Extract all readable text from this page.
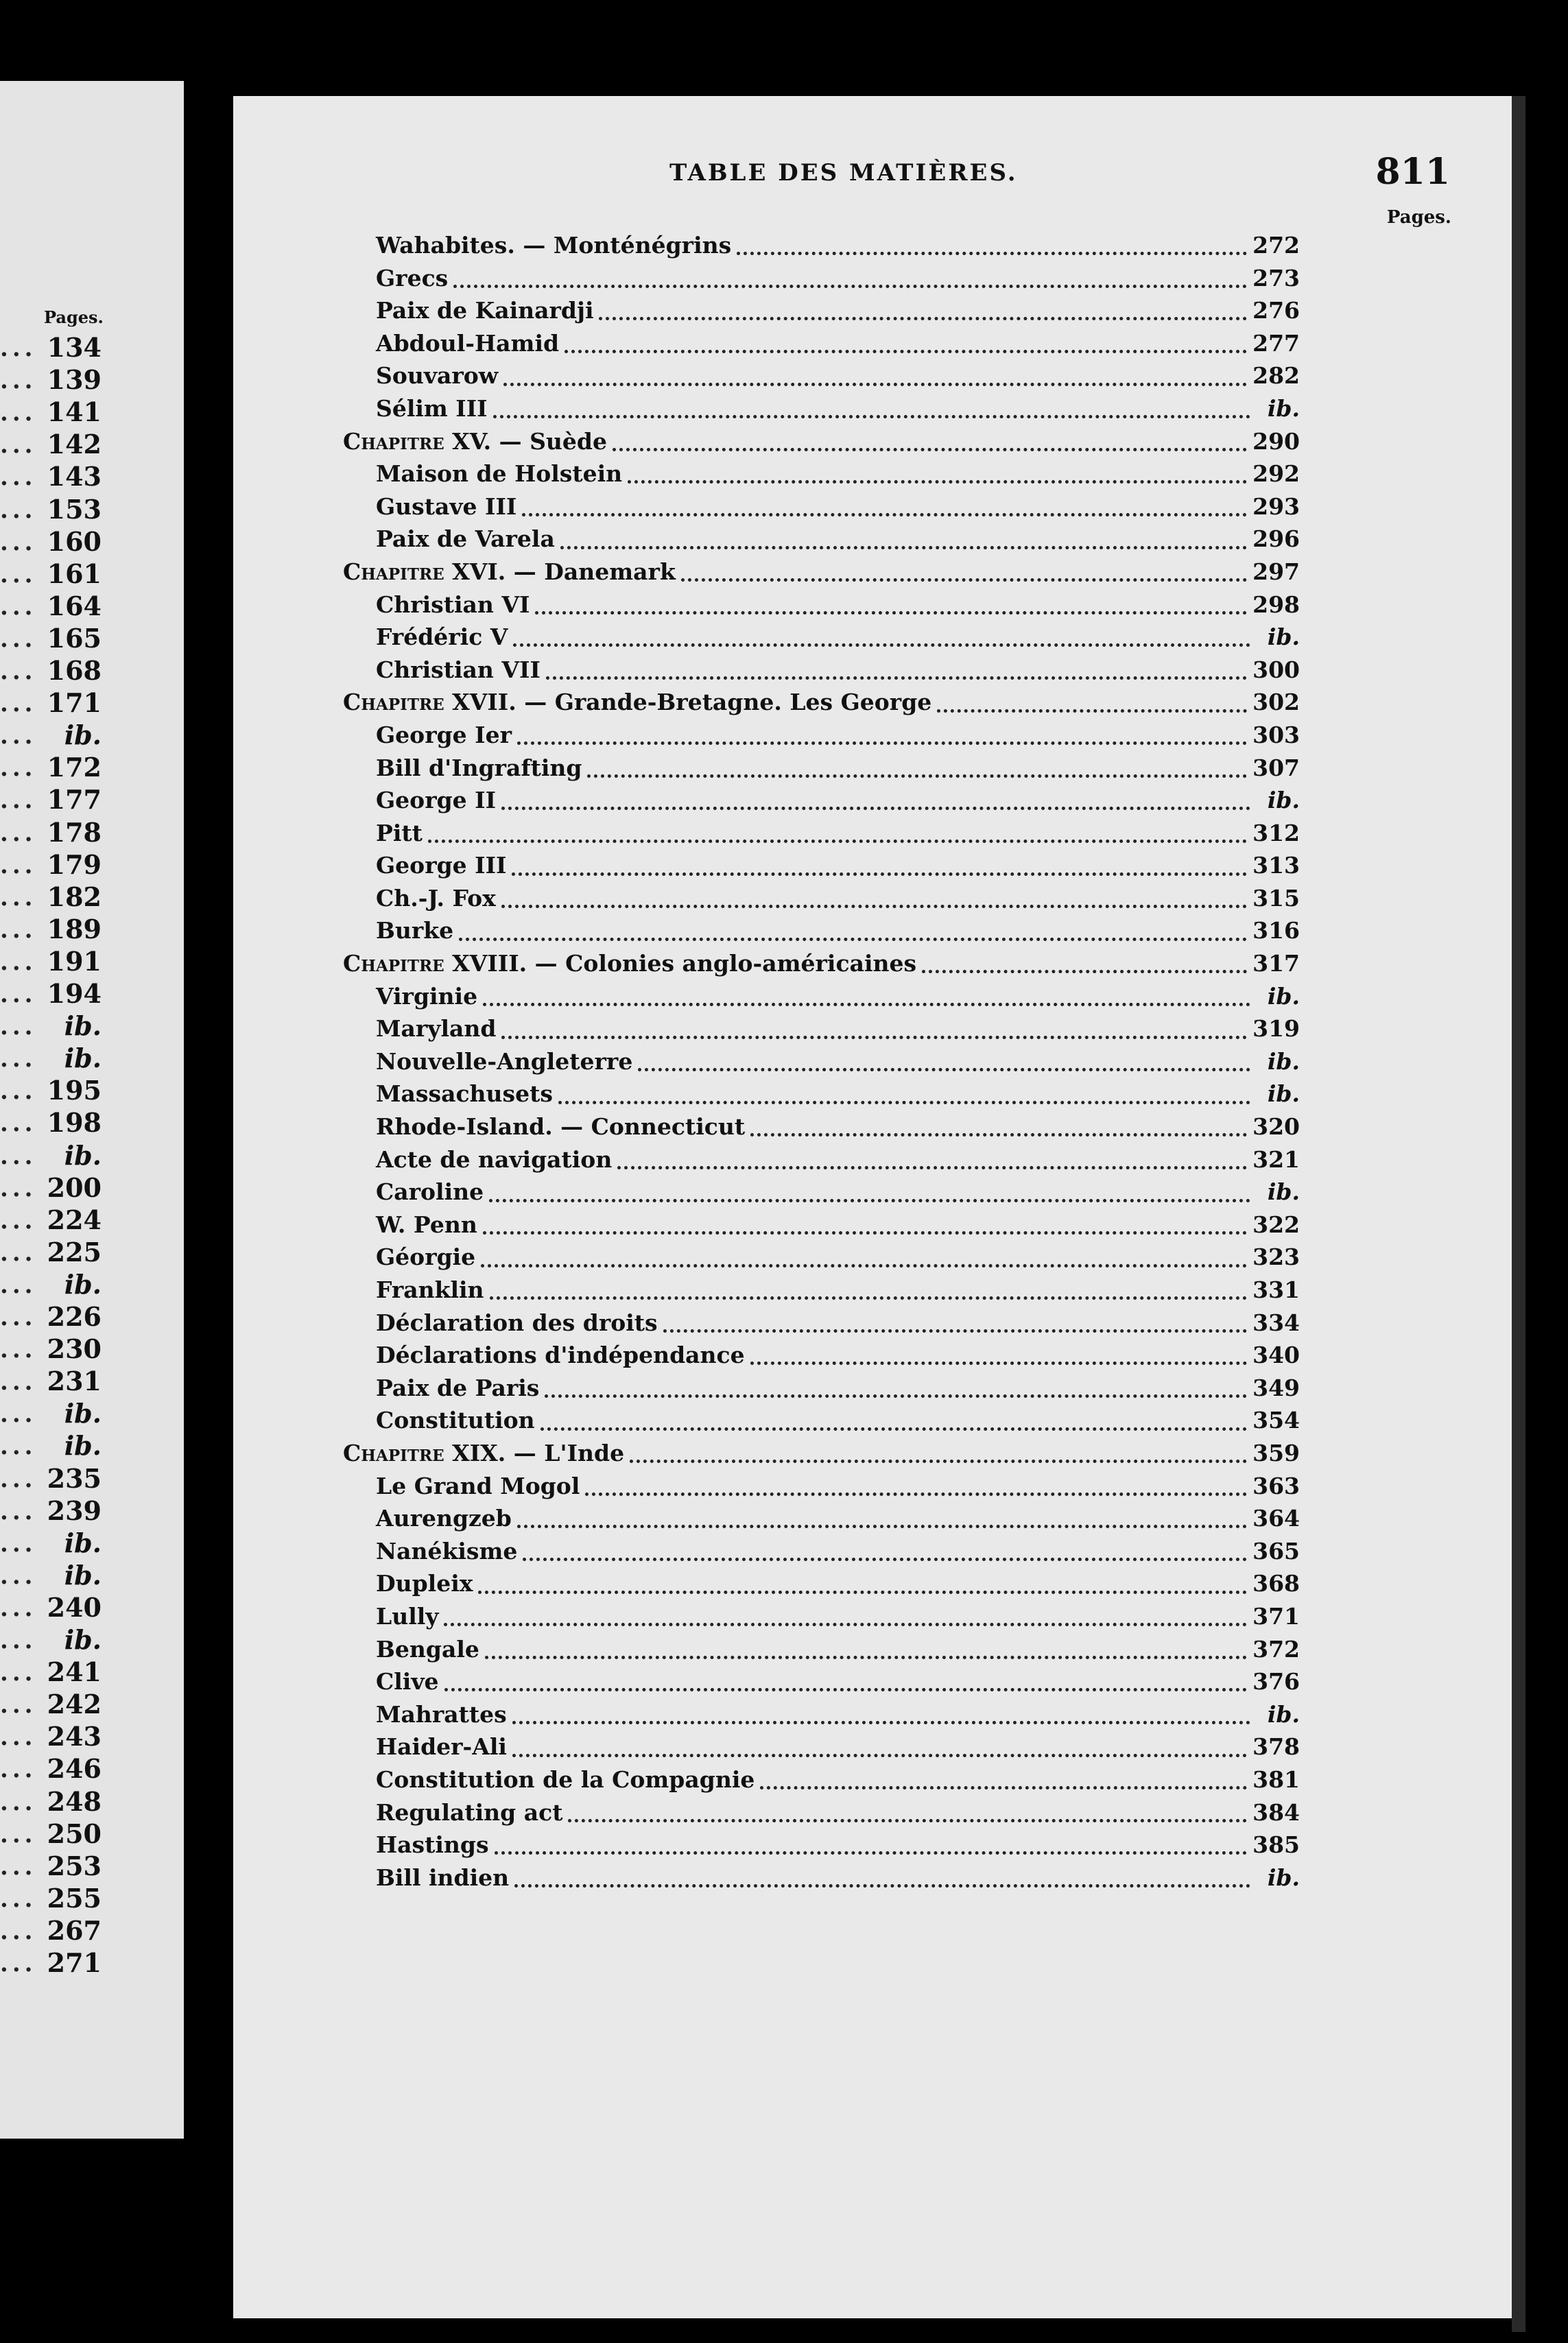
Pages.
... 134
... 139
... 141
... 142
... 143
... 153
... 160
... 161
... 164
... 165
... 168
... 171
...	ib.
... 172
... 177
... 178
... 179
... 182
... 189
... 191
... 194
...	ib.
...	ib.
... 195
... 198
...	ib.
... 200
... 224
... 225
...	ib.
... 226
... 230
... 231
...	ib.
...	ib.
... 235
... 239
...	ib.
...	ib.
... 240
...	ib.
... 241
... 242
... 243
... 246
... 248
... 250
... 253
... 255
... 267
... 271
TABLE DES MATIÈRES.	811
Pages.
Wahabites. — Monténégrins	272
Grecs	273
Paix de Kainardji	276
Abdoul-Hamid	277
Souvarow	282
Sélim III	ib.
Chapitre XV. — Suède	290
Maison de Holstein	292
Gustave III	293
Paix de Varela	296
Chapitre XVI. — Danemark	297
Christian VI	298
Frédéric V	ib.
Christian VII	300
Chapitre XVII. — Grande-Bretagne. Les George	302
George Ier	303
Bill d'Ingrafting	307
George II	ib.
Pitt	312
George III	313
Ch.-J. Fox	315
Burke	316
Chapitre XVIII. — Colonies anglo-américaines	317
Virginie	ib.
Maryland	319
Nouvelle-Angleterre	ib.
Massachusets	ib.
Rhode-Island. — Connecticut	320
Acte de navigation	321
Caroline	ib.
W. Penn	322
Géorgie	323
Franklin	331
Déclaration des droits	334
Déclarations d'indépendance	340
Paix de Paris	349
Constitution	354
Chapitre XIX. — L'Inde	359
Le Grand Mogol	363
Aurengzeb	364
Nanékisme	365
Dupleix	368
Lully	371
Bengale	372
Clive	376
Mahrattes	ib.
Haider-Ali	378
Constitution de la Compagnie	381
Regulating act	384
Hastings	385
Bill indien	ib.
